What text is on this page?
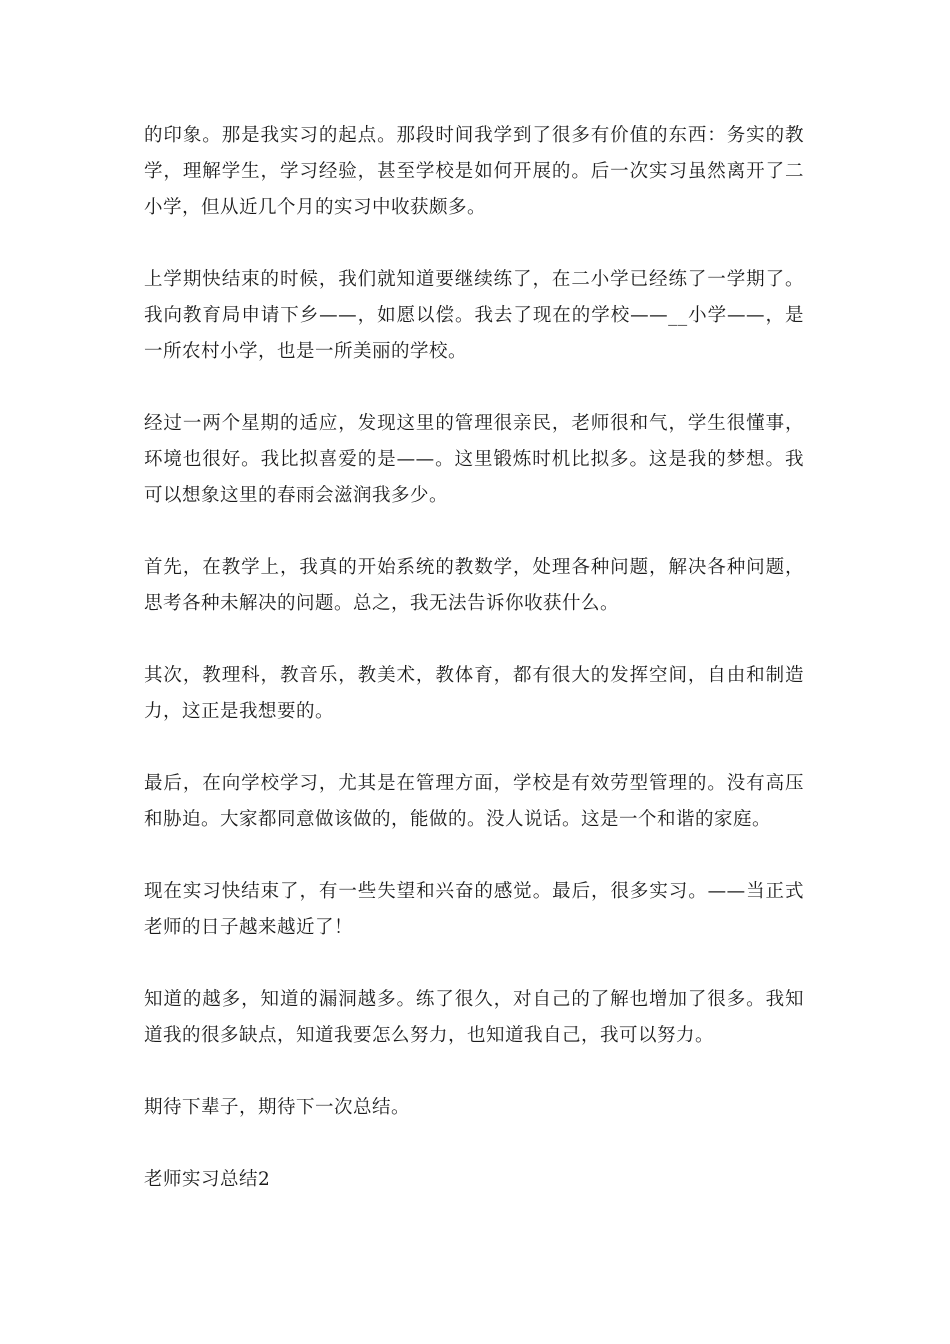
的印象。那是我实习的起点。那段时间我学到了很多有价值的东西：务实的教学，理解学生，学习经验，甚至学校是如何开展的。后一次实习虽然离开了二小学，但从近几个月的实习中收获颇多。

上学期快结束的时候，我们就知道要继续练了，在二小学已经练了一学期了。我向教育局申请下乡——，如愿以偿。我去了现在的学校——__小学——，是一所农村小学，也是一所美丽的学校。

经过一两个星期的适应，发现这里的管理很亲民，老师很和气，学生很懂事，环境也很好。我比拟喜爱的是——。这里锻炼时机比拟多。这是我的梦想。我可以想象这里的春雨会滋润我多少。

首先，在教学上，我真的开始系统的教数学，处理各种问题，解决各种问题，思考各种未解决的问题。总之，我无法告诉你收获什么。

其次，教理科，教音乐，教美术，教体育，都有很大的发挥空间，自由和制造力，这正是我想要的。

最后，在向学校学习，尤其是在管理方面，学校是有效劳型管理的。没有高压和胁迫。大家都同意做该做的，能做的。没人说话。这是一个和谐的家庭。

现在实习快结束了，有一些失望和兴奋的感觉。最后，很多实习。——当正式老师的日子越来越近了！

知道的越多，知道的漏洞越多。练了很久，对自己的了解也增加了很多。我知道我的很多缺点，知道我要怎么努力，也知道我自己，我可以努力。

期待下辈子，期待下一次总结。

老师实习总结2
